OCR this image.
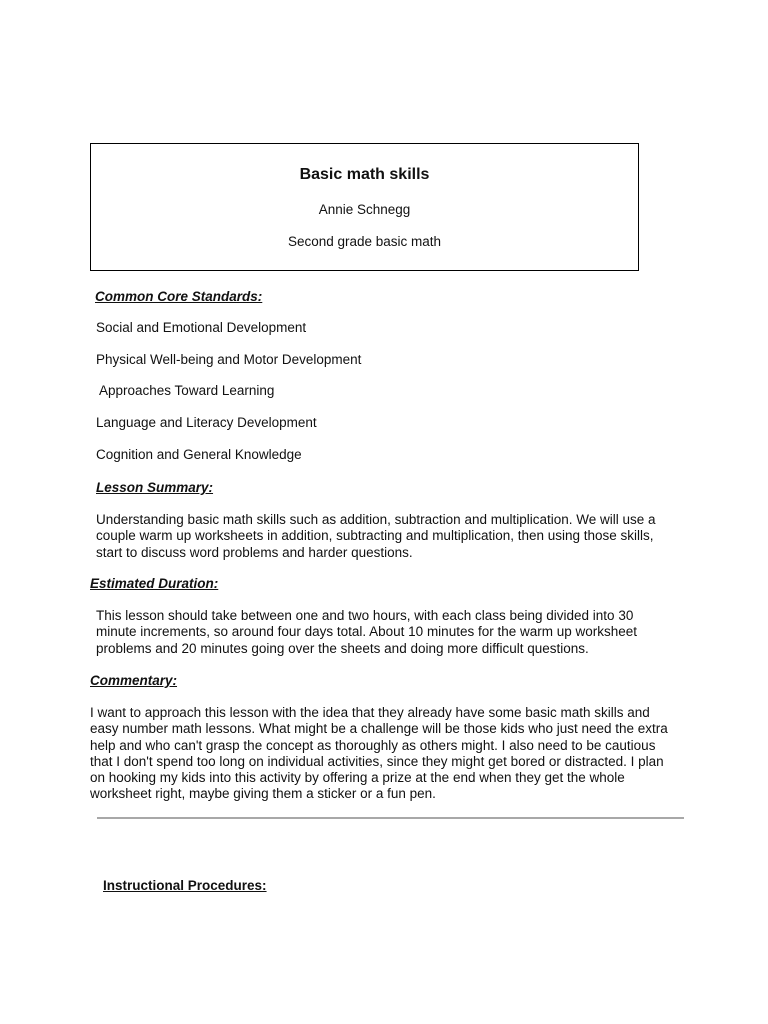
Basic math skills

Annie Schnegg

Second grade basic math

Common Core Standards:

Social and Emotional Development

Physical Well-being and Motor Development

Approaches Toward Learning

Language and Literacy Development

Cognition and General Knowledge

Lesson Summary:

Understanding basic math skills such as addition, subtraction and multiplication. We will use a couple warm up worksheets in addition, subtracting and multiplication, then using those skills, start to discuss word problems and harder questions.

Estimated Duration:

This lesson should take between one and two hours, with each class being divided into 30 minute increments, so around four days total. About 10 minutes for the warm up worksheet problems and 20 minutes going over the sheets and doing more difficult questions.

Commentary:

I want to approach this lesson with the idea that they already have some basic math skills and easy number math lessons. What might be a challenge will be those kids who just need the extra help and who can't grasp the concept as thoroughly as others might. I also need to be cautious that I don't spend too long on individual activities, since they might get bored or distracted. I plan on hooking my kids into this activity by offering a prize at the end when they get the whole worksheet right, maybe giving them a sticker or a fun pen.

Instructional Procedures:
